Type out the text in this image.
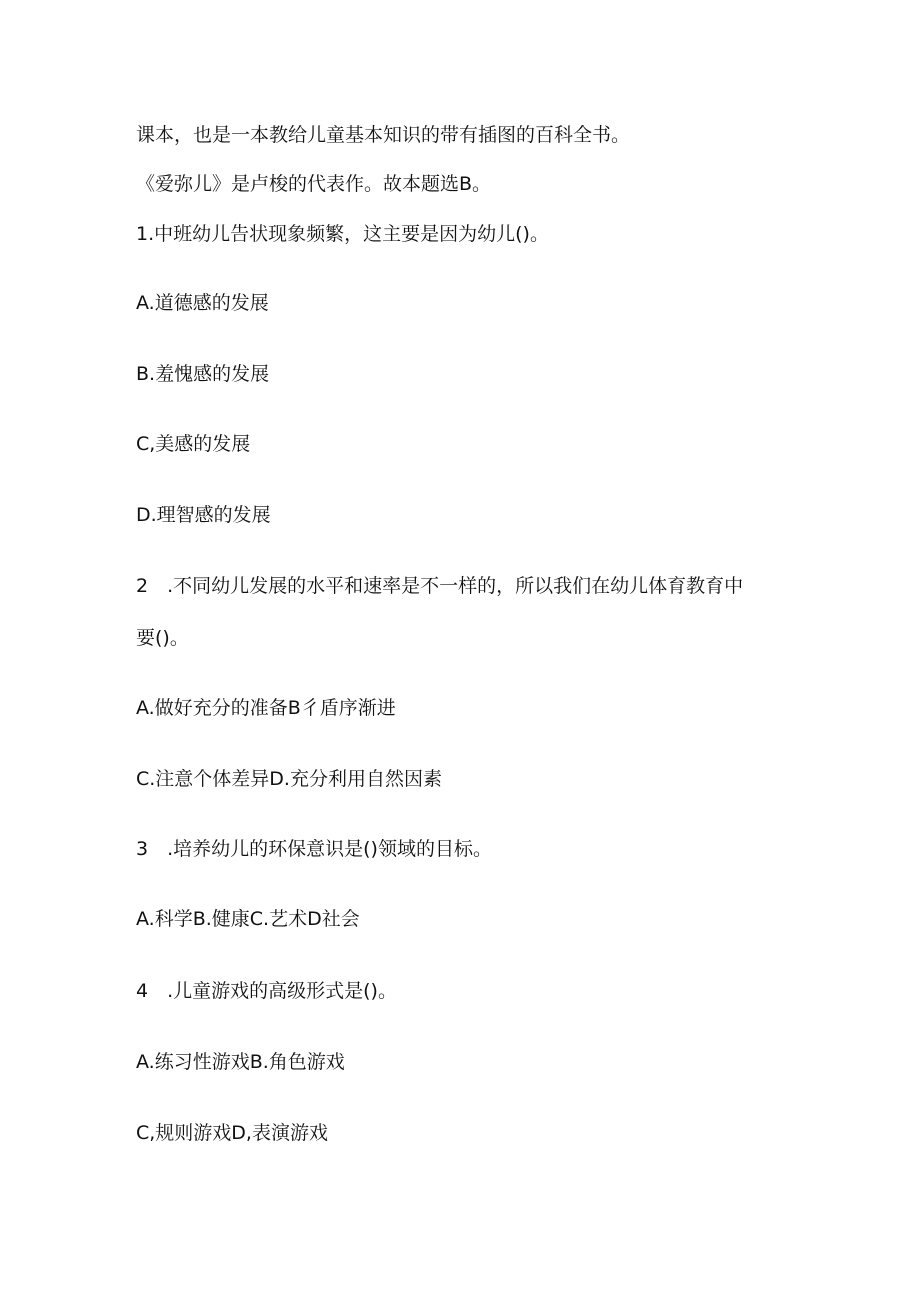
课本，也是一本教给儿童基本知识的带有插图的百科全书。

《爱弥儿》是卢梭的代表作。故本题选B。

1.中班幼儿告状现象频繁，这主要是因为幼儿()。

A.道德感的发展

B.羞愧感的发展

C,美感的发展

D.理智感的发展

2　.不同幼儿发展的水平和速率是不一样的，所以我们在幼儿体育教育中

要()。

A.做好充分的准备B彳盾序渐进

C.注意个体差异D.充分利用自然因素

3　.培养幼儿的环保意识是()领域的目标。

A.科学B.健康C.艺术D社会

4　.儿童游戏的高级形式是()。

A.练习性游戏B.角色游戏

C,规则游戏D,表演游戏
